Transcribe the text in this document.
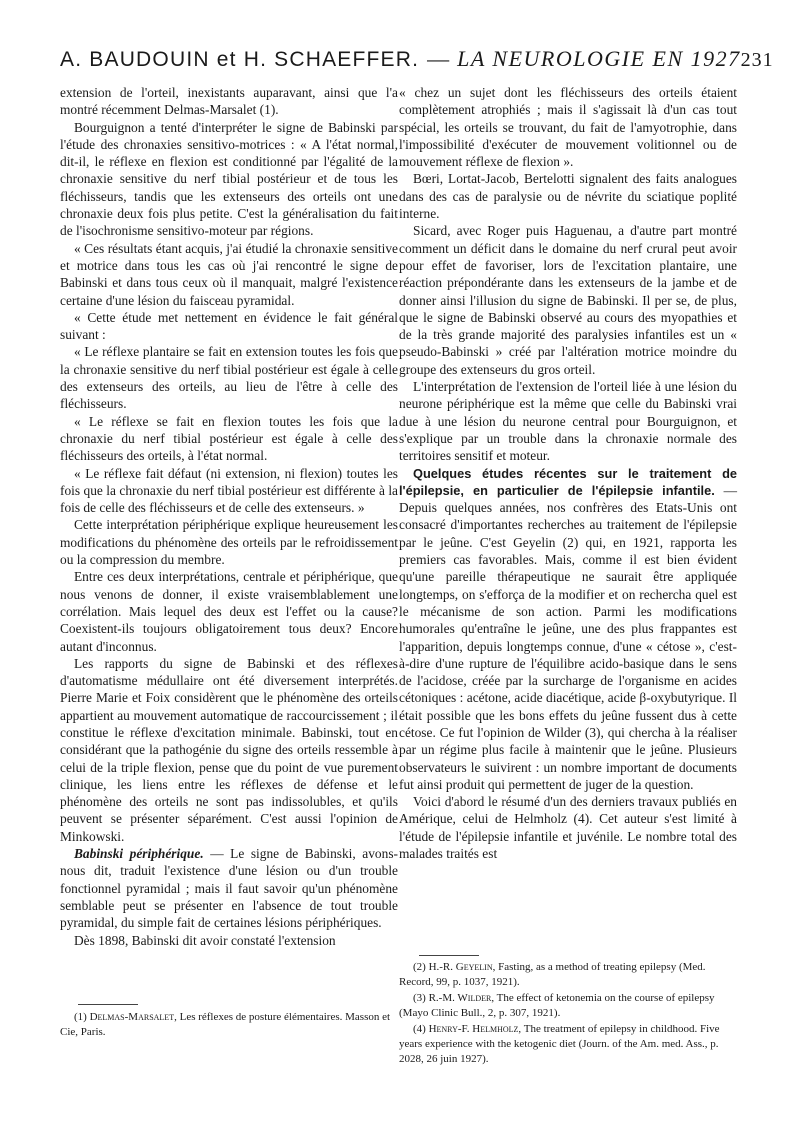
A. BAUDOUIN et H. SCHAEFFER. — LA NEUROLOGIE EN 1927 231

extension de l'orteil, inexistants auparavant, ainsi que l'a montré récemment Delmas-Marsalet (1).

Bourguignon a tenté d'interpréter le signe de Babinski par l'étude des chronaxies sensitivo-motrices : « A l'état normal, dit-il, le réflexe en flexion est conditionné par l'égalité de la chronaxie sensitive du nerf tibial postérieur et de tous les fléchisseurs, tandis que les extenseurs des orteils ont une chronaxie deux fois plus petite. C'est la généralisation du fait de l'isochronisme sensitivo-moteur par régions.

« Ces résultats étant acquis, j'ai étudié la chronaxie sensitive et motrice dans tous les cas où j'ai rencontré le signe de Babinski et dans tous ceux où il manquait, malgré l'existence certaine d'une lésion du faisceau pyramidal.

« Cette étude met nettement en évidence le fait général suivant :

« Le réflexe plantaire se fait en extension toutes les fois que la chronaxie sensitive du nerf tibial postérieur est égale à celle des extenseurs des orteils, au lieu de l'être à celle des fléchisseurs.

« Le réflexe se fait en flexion toutes les fois que la chronaxie du nerf tibial postérieur est égale à celle des fléchisseurs des orteils, à l'état normal.

« Le réflexe fait défaut (ni extension, ni flexion) toutes les fois que la chronaxie du nerf tibial postérieur est différente à la fois de celle des fléchisseurs et de celle des extenseurs. »

Cette interprétation périphérique explique heureusement les modifications du phénomène des orteils par le refroidissement ou la compression du membre.

Entre ces deux interprétations, centrale et périphérique, que nous venons de donner, il existe vraisemblablement une corrélation. Mais lequel des deux est l'effet ou la cause? Coexistent-ils toujours obligatoirement tous deux? Encore autant d'inconnus.

Les rapports du signe de Babinski et des réflexes d'automatisme médullaire ont été diversement interprétés. Pierre Marie et Foix considèrent que le phénomène des orteils appartient au mouvement automatique de raccourcissement ; il constitue le réflexe d'excitation minimale. Babinski, tout en considérant que la pathogénie du signe des orteils ressemble à celui de la triple flexion, pense que du point de vue purement clinique, les liens entre les réflexes de défense et le phénomène des orteils ne sont pas indissolubles, et qu'ils peuvent se présenter séparément. C'est aussi l'opinion de Minkowski.

Babinski périphérique. — Le signe de Babinski, avons-nous dit, traduit l'existence d'une lésion ou d'un trouble fonctionnel pyramidal ; mais il faut savoir qu'un phénomène semblable peut se présenter en l'absence de tout trouble pyramidal, du simple fait de certaines lésions périphériques.

Dès 1898, Babinski dit avoir constaté l'extension

« chez un sujet dont les fléchisseurs des orteils étaient complètement atrophiés ; mais il s'agissait là d'un cas tout spécial, les orteils se trouvant, du fait de l'amyotrophie, dans l'impossibilité d'exécuter de mouvement volitionnel ou de mouvement réflexe de flexion ».

Bœri, Lortat-Jacob, Bertelotti signalent des faits analogues dans des cas de paralysie ou de névrite du sciatique poplité interne.

Sicard, avec Roger puis Haguenau, a d'autre part montré comment un déficit dans le domaine du nerf crural peut avoir pour effet de favoriser, lors de l'excitation plantaire, une réaction prépondérante dans les extenseurs de la jambe et de donner ainsi l'illusion du signe de Babinski. Il per se, de plus, que le signe de Babinski observé au cours des myopathies et de la très grande majorité des paralysies infantiles est un « pseudo-Babinski » créé par l'altération motrice moindre du groupe des extenseurs du gros orteil.

L'interprétation de l'extension de l'orteil liée à une lésion du neurone périphérique est la même que celle du Babinski vrai due à une lésion du neurone central pour Bourguignon, et s'explique par un trouble dans la chronaxie normale des territoires sensitif et moteur.

Quelques études récentes sur le traitement de l'épilepsie, en particulier de l'épilepsie infantile. — Depuis quelques années, nos confrères des Etats-Unis ont consacré d'importantes recherches au traitement de l'épilepsie par le jeûne. C'est Geyelin (2) qui, en 1921, rapporta les premiers cas favorables. Mais, comme il est bien évident qu'une pareille thérapeutique ne saurait être appliquée longtemps, on s'efforça de la modifier et on rechercha quel est le mécanisme de son action. Parmi les modifications humorales qu'entraîne le jeûne, une des plus frappantes est l'apparition, depuis longtemps connue, d'une « cétose », c'est-à-dire d'une rupture de l'équilibre acido-basique dans le sens de l'acidose, créée par la surcharge de l'organisme en acides cétoniques : acétone, acide diacétique, acide β-oxybutyrique. Il était possible que les bons effets du jeûne fussent dus à cette cétose. Ce fut l'opinion de Wilder (3), qui chercha à la réaliser par un régime plus facile à maintenir que le jeûne. Plusieurs observateurs le suivirent : un nombre important de documents fut ainsi produit qui permettent de juger de la question.

Voici d'abord le résumé d'un des derniers travaux publiés en Amérique, celui de Helmholz (4). Cet auteur s'est limité à l'étude de l'épilepsie infantile et juvénile. Le nombre total des malades traités est

(1) Delmas-Marsalet, Les réflexes de posture élémentaires. Masson et Cie, Paris.

(2) H.-R. Geyelin, Fasting, as a method of treating epilepsy (Med. Record, 99, p. 1037, 1921).

(3) R.-M. Wilder, The effect of ketonemia on the course of epilepsy (Mayo Clinic Bull., 2, p. 307, 1921).

(4) Henry-F. Helmholz, The treatment of epilepsy in childhood. Five years experience with the ketogenic diet (Journ. of the Am. med. Ass., p. 2028, 26 juin 1927).
